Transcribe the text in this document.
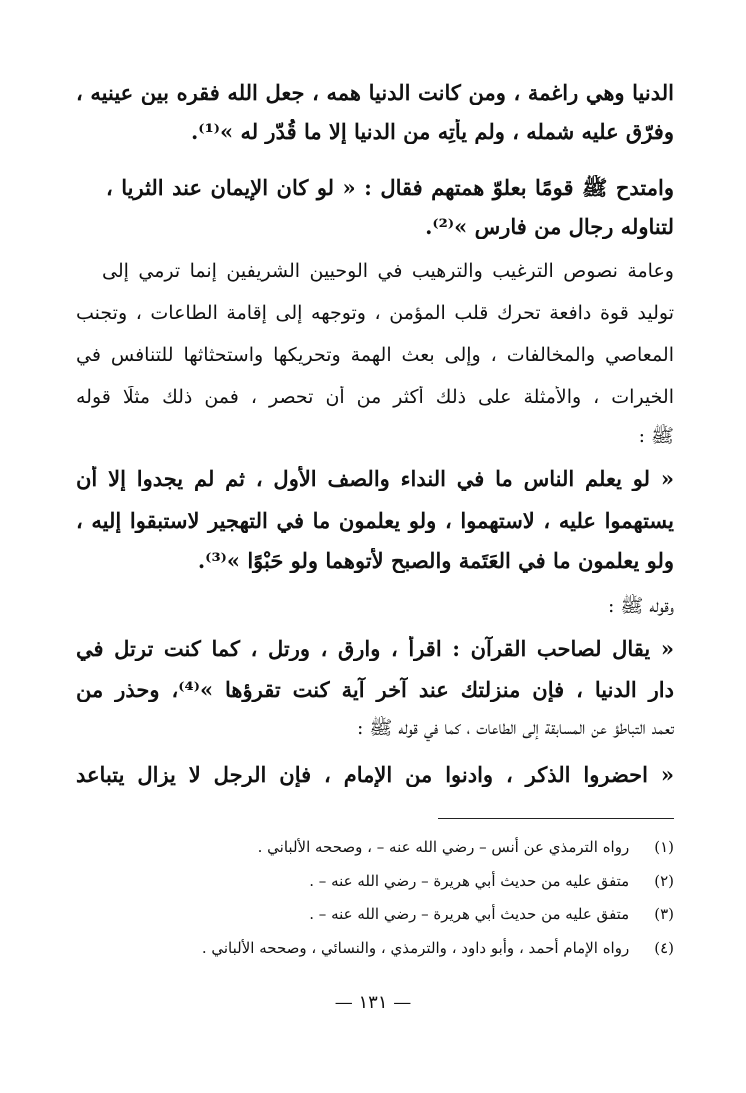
الدنيا وهي راغمة ، ومن كانت الدنيا همه ، جعل الله فقره بين عينيه ،
وفرّق عليه شمله ، ولم يأتِه من الدنيا إلا ما قُدّر له »⁽¹⁾.
وامتدح ﷺ قومًا بعلوّ همتهم فقال : « لو كان الإيمان عند الثريا ،
لتناوله رجال من فارس »⁽²⁾.
وعامة نصوص الترغيب والترهيب في الوحيين الشريفين إنما ترمي إلى
توليد قوة دافعة تحرك قلب المؤمن ، وتوجهه إلى إقامة الطاعات ، وتجنب
المعاصي والمخالفات ، وإلى بعث الهمة وتحريكها واستحثاثها للتنافس في
الخيرات ، والأمثلة على ذلك أكثر من أن تحصر ، فمن ذلك مثلًا قوله
ﷺ :
« لو يعلم الناس ما في النداء والصف الأول ، ثم لم يجدوا إلا أن
يستهموا عليه ، لاستهموا ، ولو يعلمون ما في التهجير لاستبقوا إليه ،
ولو يعلمون ما في العَتَمة والصبح لأتوهما ولو حَبْوًا »⁽³⁾.
وقوله ﷺ :
« يقال لصاحب القرآن : اقرأ ، وارق ، ورتل ، كما كنت ترتل في
دار الدنيا ، فإن منزلتك عند آخر آية كنت تقرؤها »⁽⁴⁾، وحذر من
تعمد التباطؤ عن المسابقة إلى الطاعات ، كما في قوله ﷺ :
« احضروا الذكر ، وادنوا من الإمام ، فإن الرجل لا يزال يتباعد
(١) رواه الترمذي عن أنس – رضي الله عنه – ، وصححه الألباني .
(٢) متفق عليه من حديث أبي هريرة – رضي الله عنه – .
(٣) متفق عليه من حديث أبي هريرة – رضي الله عنه – .
(٤) رواه الإمام أحمد ، وأبو داود ، والترمذي ، والنسائي ، وصححه الألباني .
— ١٣١ —
